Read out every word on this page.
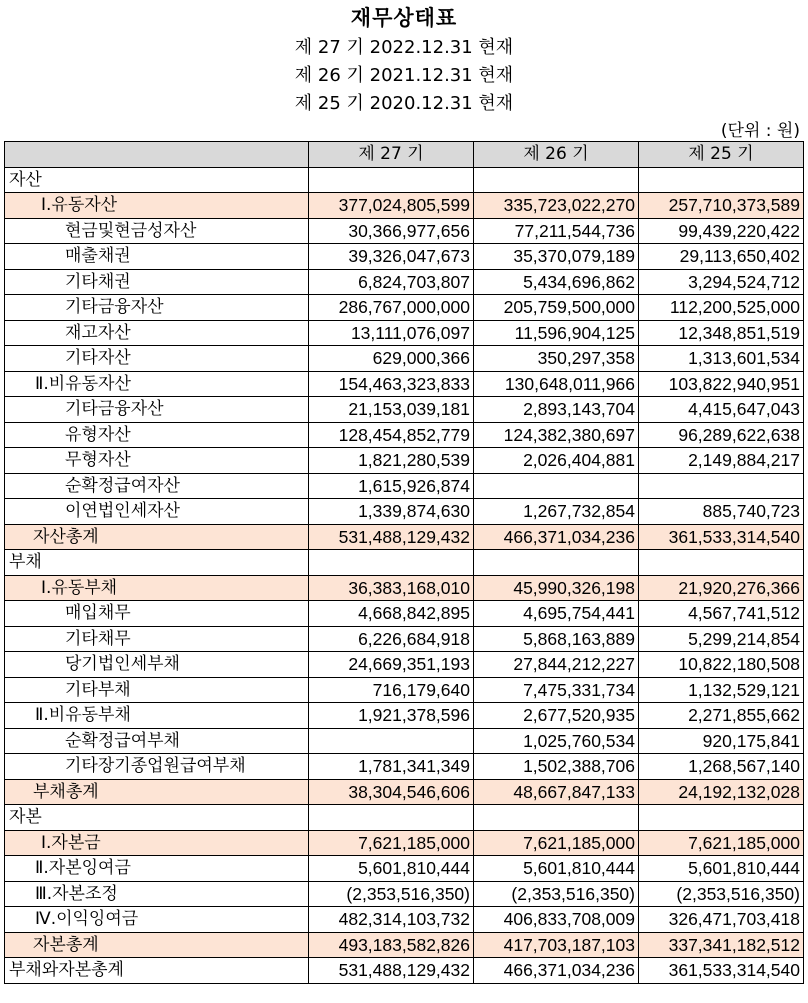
재무상태표
제 27 기 2022.12.31 현재
제 26 기 2021.12.31 현재
제 25 기 2020.12.31 현재
(단위 : 원)
	제 27 기	제 26 기	제 25 기
자산			
Ⅰ.유동자산	377,024,805,599	335,723,022,270	257,710,373,589
현금및현금성자산	30,366,977,656	77,211,544,736	99,439,220,422
매출채권	39,326,047,673	35,370,079,189	29,113,650,402
기타채권	6,824,703,807	5,434,696,862	3,294,524,712
기타금융자산	286,767,000,000	205,759,500,000	112,200,525,000
재고자산	13,111,076,097	11,596,904,125	12,348,851,519
기타자산	629,000,366	350,297,358	1,313,601,534
Ⅱ.비유동자산	154,463,323,833	130,648,011,966	103,822,940,951
기타금융자산	21,153,039,181	2,893,143,704	4,415,647,043
유형자산	128,454,852,779	124,382,380,697	96,289,622,638
무형자산	1,821,280,539	2,026,404,881	2,149,884,217
순확정급여자산	1,615,926,874		
이연법인세자산	1,339,874,630	1,267,732,854	885,740,723
자산총계	531,488,129,432	466,371,034,236	361,533,314,540
부채			
Ⅰ.유동부채	36,383,168,010	45,990,326,198	21,920,276,366
매입채무	4,668,842,895	4,695,754,441	4,567,741,512
기타채무	6,226,684,918	5,868,163,889	5,299,214,854
당기법인세부채	24,669,351,193	27,844,212,227	10,822,180,508
기타부채	716,179,640	7,475,331,734	1,132,529,121
Ⅱ.비유동부채	1,921,378,596	2,677,520,935	2,271,855,662
순확정급여부채		1,025,760,534	920,175,841
기타장기종업원급여부채	1,781,341,349	1,502,388,706	1,268,567,140
부채총계	38,304,546,606	48,667,847,133	24,192,132,028
자본			
Ⅰ.자본금	7,621,185,000	7,621,185,000	7,621,185,000
Ⅱ.자본잉여금	5,601,810,444	5,601,810,444	5,601,810,444
Ⅲ.자본조정	(2,353,516,350)	(2,353,516,350)	(2,353,516,350)
Ⅳ.이익잉여금	482,314,103,732	406,833,708,009	326,471,703,418
자본총계	493,183,582,826	417,703,187,103	337,341,182,512
부채와자본총계	531,488,129,432	466,371,034,236	361,533,314,540
